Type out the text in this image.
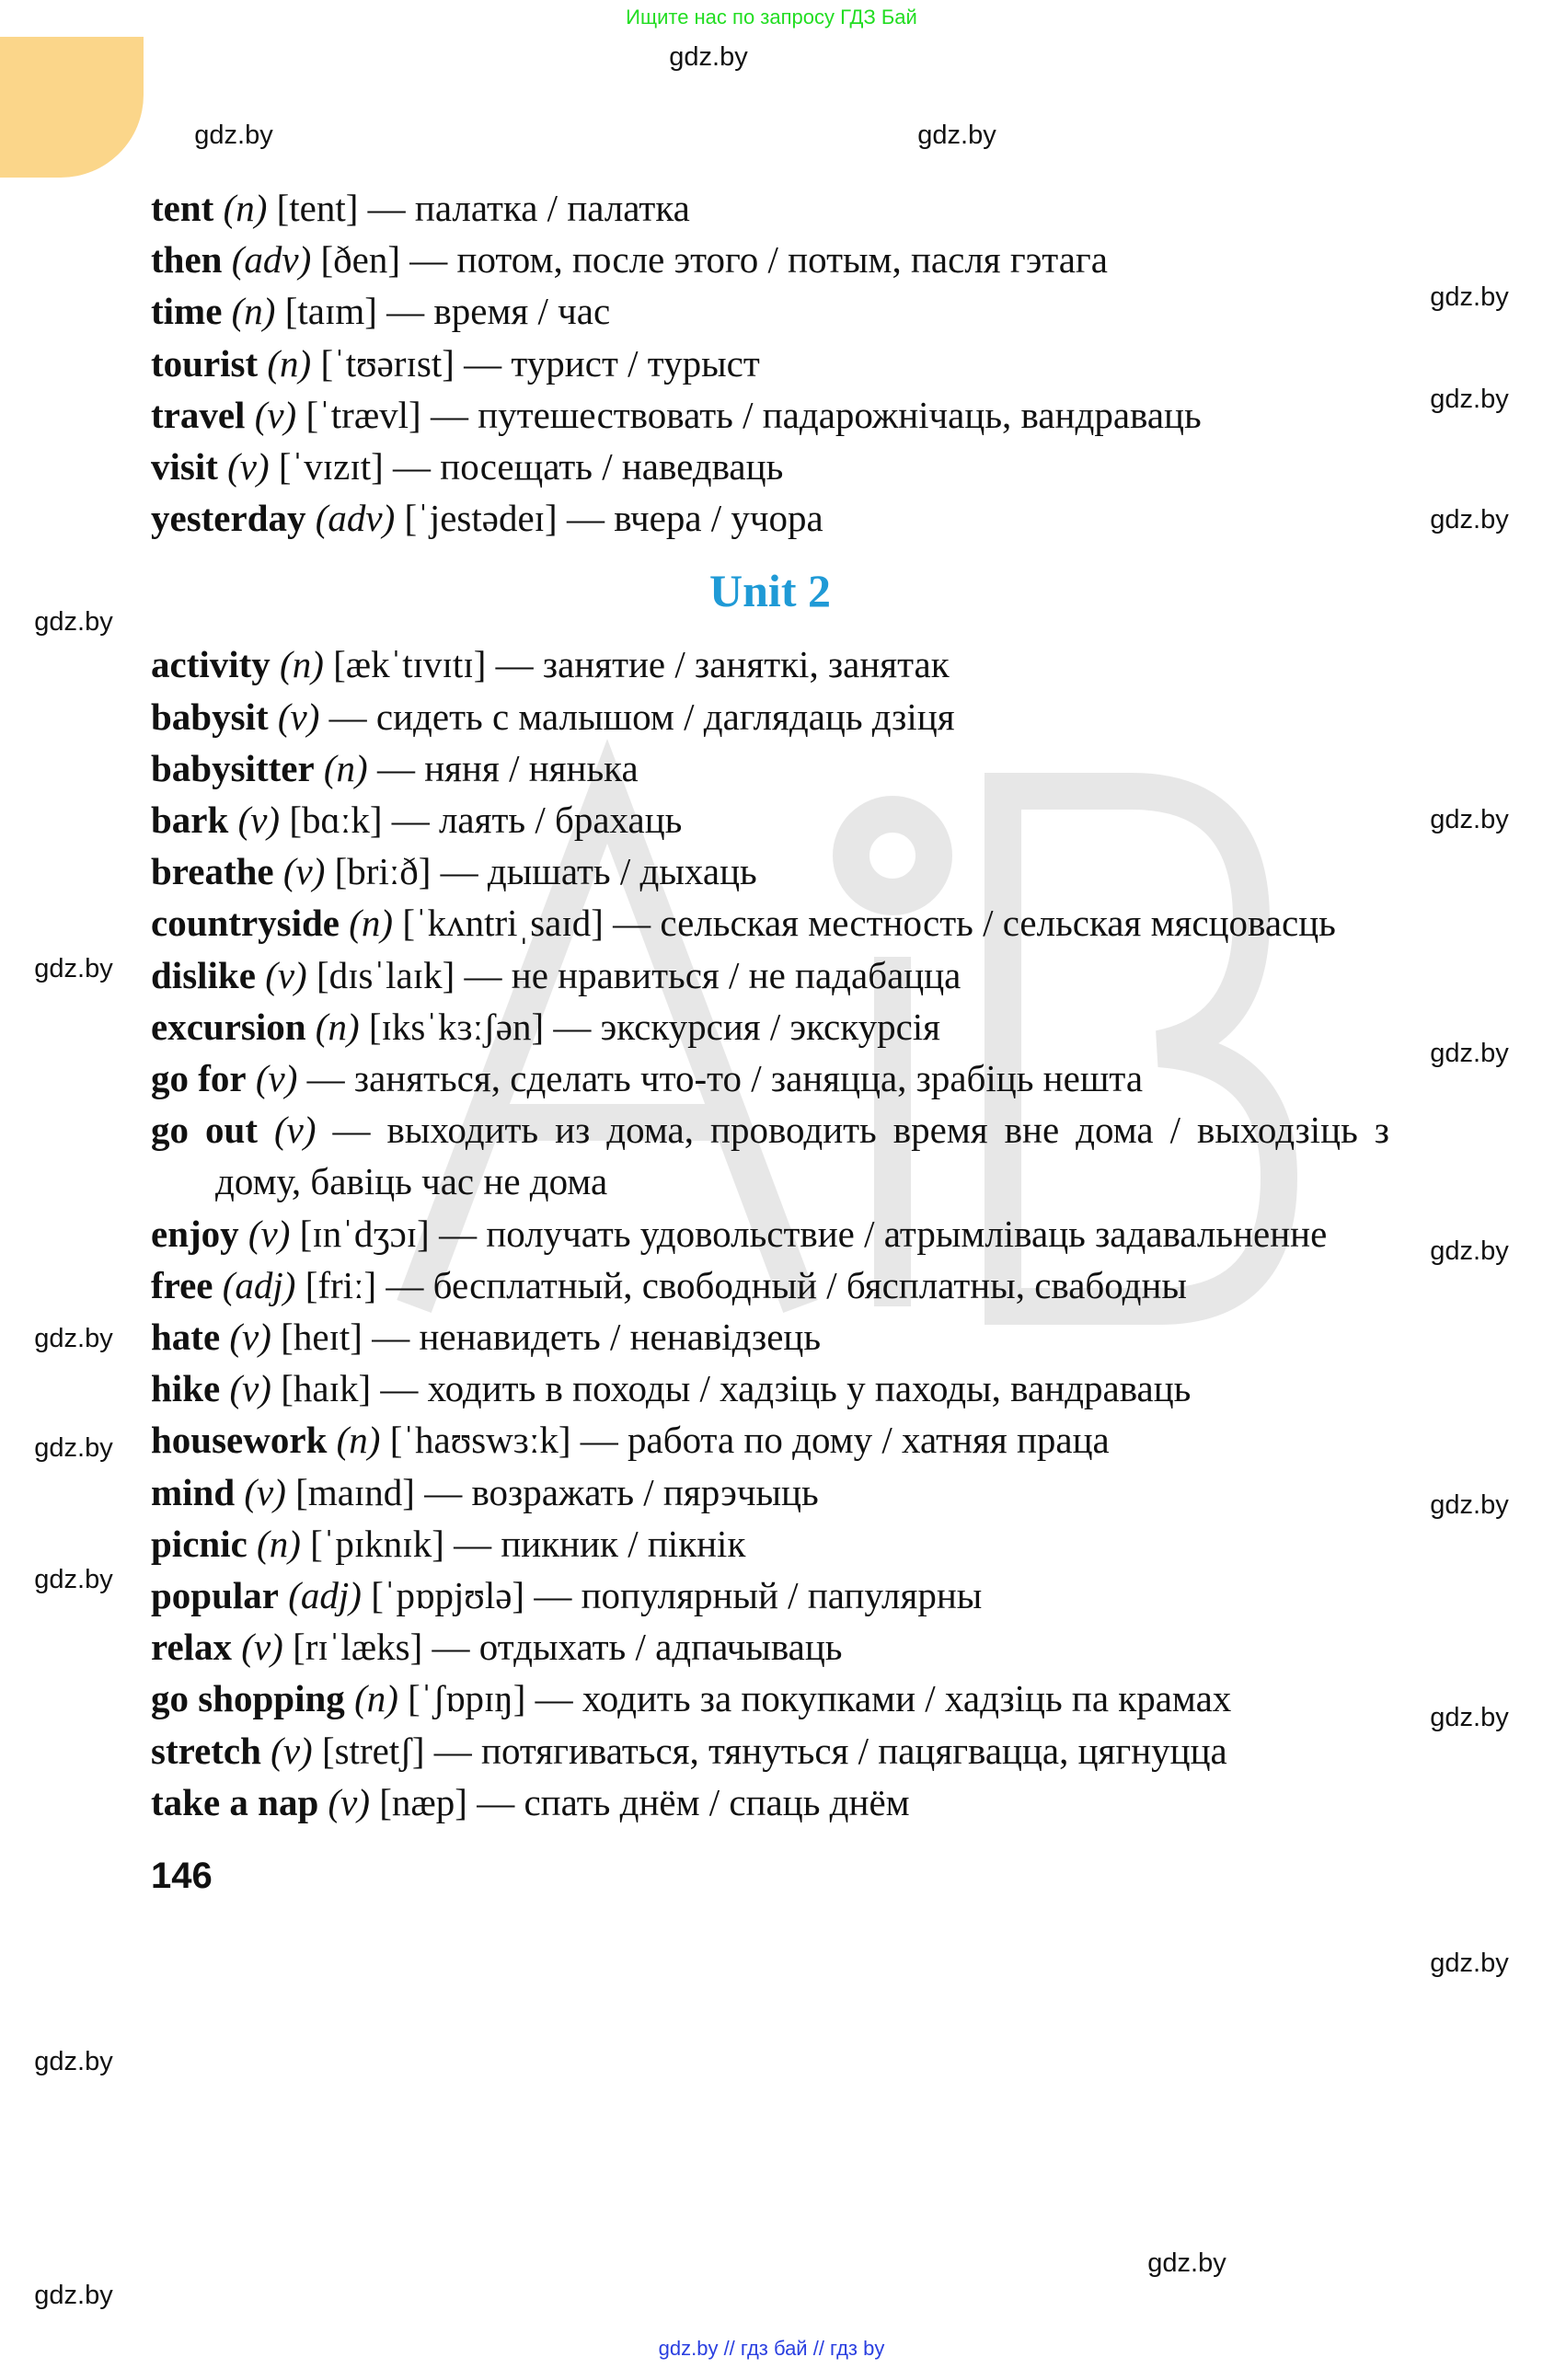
Ищите нас по запросу ГДЗ Бай
tent (n) [tent] — палатка / палатка
then (adv) [ðen] — потом, после этого / потым, пасля гэтага
time (n) [taɪm] — время / час
tourist (n) [ˈtʊərɪst] — турист / турыст
travel (v) [ˈtrævl] — путешествовать / падарожнічаць, вандраваць
visit (v) [ˈvɪzɪt] — посещать / наведваць
yesterday (adv) [ˈjestədeɪ] — вчера / учора
Unit 2
activity (n) [ækˈtɪvɪtɪ] — занятие / заняткі, занятак
babysit (v) — сидеть с малышом / даглядаць дзіця
babysitter (n) — няня / нянька
bark (v) [bɑːk] — лаять / брахаць
breathe (v) [briːð] — дышать / дыхаць
countryside (n) [ˈkʌntriˌsaɪd] — сельская местность / сельская мясцовасць
dislike (v) [dɪsˈlaɪk] — не нравиться / не падабацца
excursion (n) [ɪksˈkɜːʃən] — экскурсия / экскурсія
go for (v) — заняться, сделать что-то / заняцца, зрабіць нешта
go out (v) — выходить из дома, проводить время вне дома / выходзіць з дому, бавіць час не дома
enjoy (v) [ɪnˈdʒɔɪ] — получать удовольствие / атрымліваць задавальненне
free (adj) [friː] — бесплатный, свободный / бясплатны, свабодны
hate (v) [heɪt] — ненавидеть / ненавідзець
hike (v) [haɪk] — ходить в походы / хадзіць у паходы, вандраваць
housework (n) [ˈhaʊswɜːk] — работа по дому / хатняя праца
mind (v) [maɪnd] — возражать / пярэчыць
picnic (n) [ˈpɪknɪk] — пикник / пікнік
popular (adj) [ˈpɒpjʊlə] — популярный / папулярны
relax (v) [rɪˈlæks] — отдыхать / адпачываць
go shopping (n) [ˈʃɒpɪŋ] — ходить за покупками / хадзіць па крамах
stretch (v) [stretʃ] — потягиваться, тянуться / пацягвацца, цягнуцца
take a nap (v) [næp] — спать днём / спаць днём
146
gdz.by // гдз бай // гдз by
gdz.by
gdz.by	gdz.by
gdz.by
gdz.by
gdz.by
gdz.by
gdz.by
gdz.by
gdz.by
gdz.by
gdz.by
gdz.by
gdz.by
gdz.by
gdz.by
gdz.by
gdz.by
gdz.by
gdz.by
